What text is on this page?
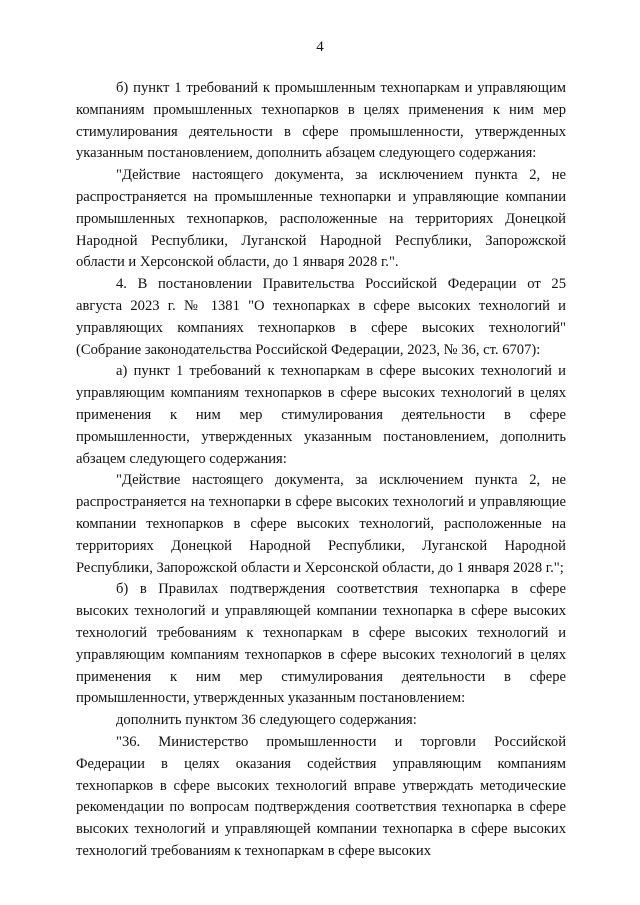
4

б) пункт 1 требований к промышленным технопаркам и управляющим компаниям промышленных технопарков в целях применения к ним мер стимулирования деятельности в сфере промышленности, утвержденных указанным постановлением, дополнить абзацем следующего содержания:

"Действие настоящего документа, за исключением пункта 2, не распространяется на промышленные технопарки и управляющие компании промышленных технопарков, расположенные на территориях Донецкой Народной Республики, Луганской Народной Республики, Запорожской области и Херсонской области, до 1 января 2028 г.".

4. В постановлении Правительства Российской Федерации от 25 августа 2023 г. № 1381 "О технопарках в сфере высоких технологий и управляющих компаниях технопарков в сфере высоких технологий" (Собрание законодательства Российской Федерации, 2023, № 36, ст. 6707):

а) пункт 1 требований к технопаркам в сфере высоких технологий и управляющим компаниям технопарков в сфере высоких технологий в целях применения к ним мер стимулирования деятельности в сфере промышленности, утвержденных указанным постановлением, дополнить абзацем следующего содержания:

"Действие настоящего документа, за исключением пункта 2, не распространяется на технопарки в сфере высоких технологий и управляющие компании технопарков в сфере высоких технологий, расположенные на территориях Донецкой Народной Республики, Луганской Народной Республики, Запорожской области и Херсонской области, до 1 января 2028 г.";

б) в Правилах подтверждения соответствия технопарка в сфере высоких технологий и управляющей компании технопарка в сфере высоких технологий требованиям к технопаркам в сфере высоких технологий и управляющим компаниям технопарков в сфере высоких технологий в целях применения к ним мер стимулирования деятельности в сфере промышленности, утвержденных указанным постановлением:

дополнить пунктом 36 следующего содержания:

"36. Министерство промышленности и торговли Российской Федерации в целях оказания содействия управляющим компаниям технопарков в сфере высоких технологий вправе утверждать методические рекомендации по вопросам подтверждения соответствия технопарка в сфере высоких технологий и управляющей компании технопарка в сфере высоких технологий требованиям к технопаркам в сфере высоких
